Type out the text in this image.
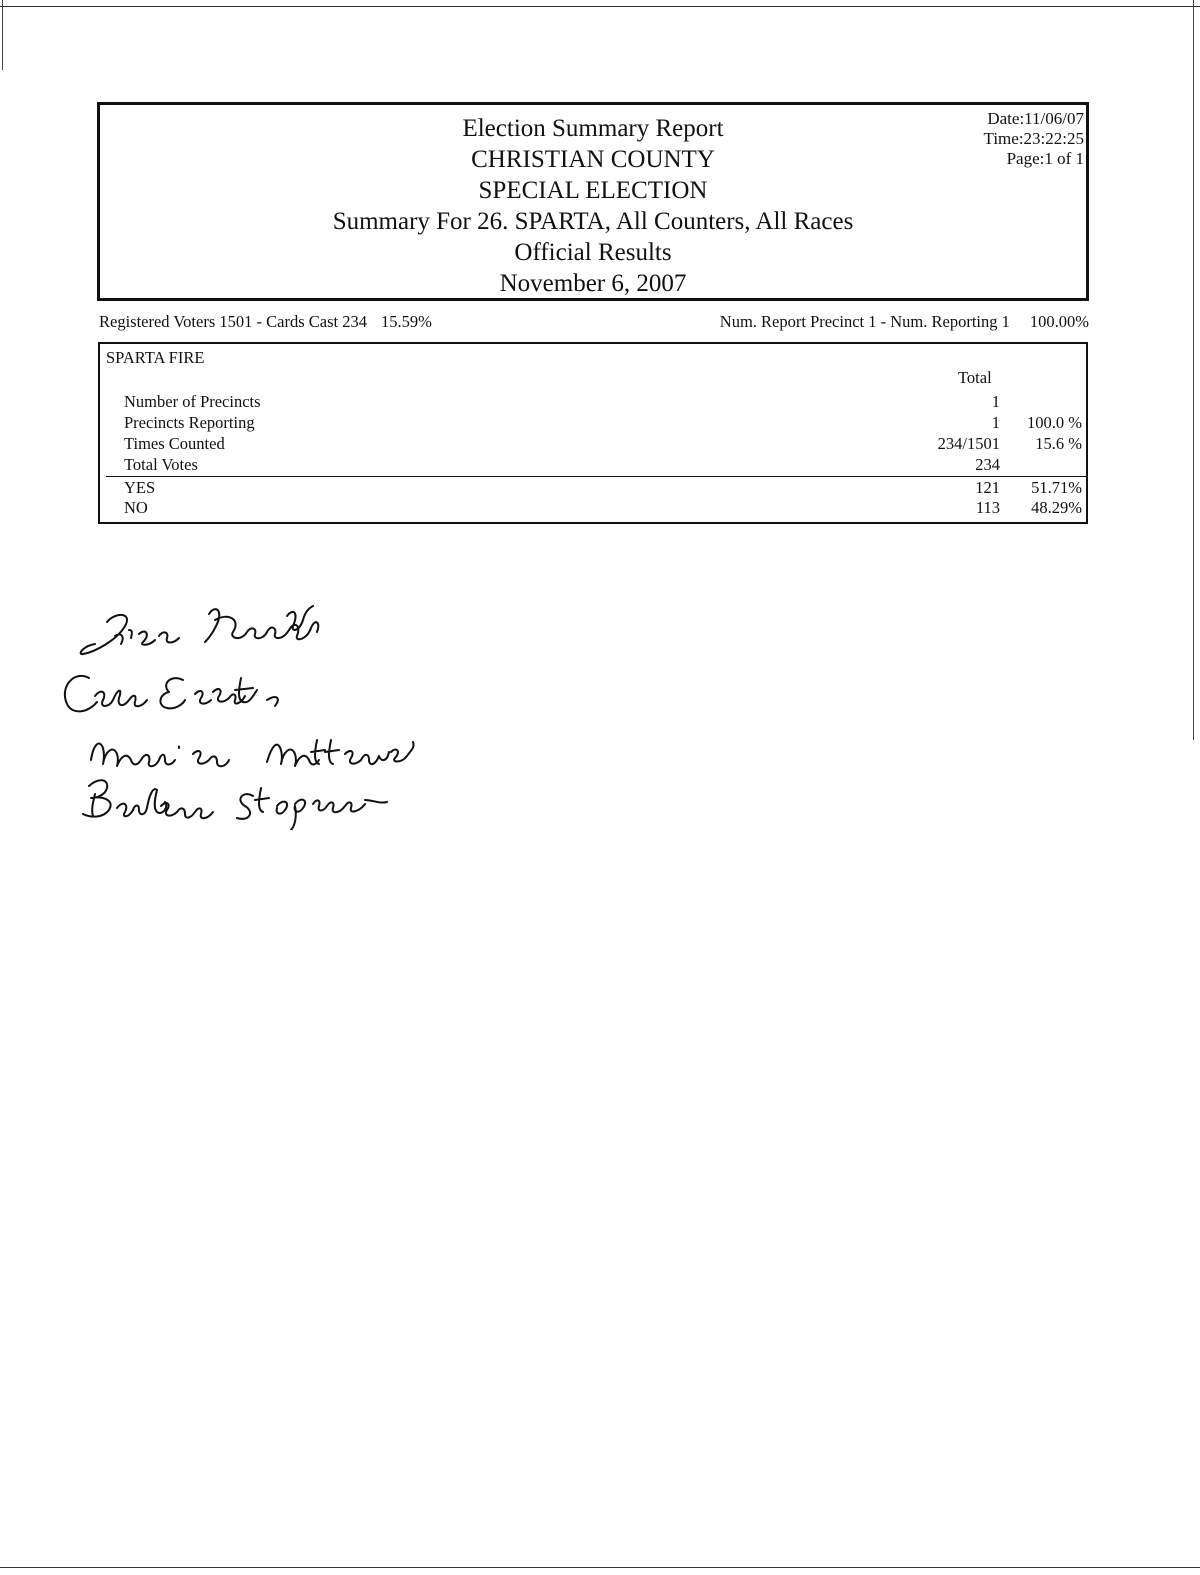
Election Summary Report
CHRISTIAN COUNTY
SPECIAL ELECTION
Summary For 26. SPARTA, All Counters, All Races
Official Results
November 6, 2007
Date:11/06/07
Time:23:22:25
Page:1 of 1
Registered Voters 1501 - Cards Cast 234 15.59%	Num. Report Precinct 1 - Num. Reporting 1 100.00%
SPARTA FIRE
Total
Number of Precincts	1
Precincts Reporting	1 100.0 %
Times Counted	234/1501 15.6 %
Total Votes	234
YES	121 51.71%
NO	113 48.29%
